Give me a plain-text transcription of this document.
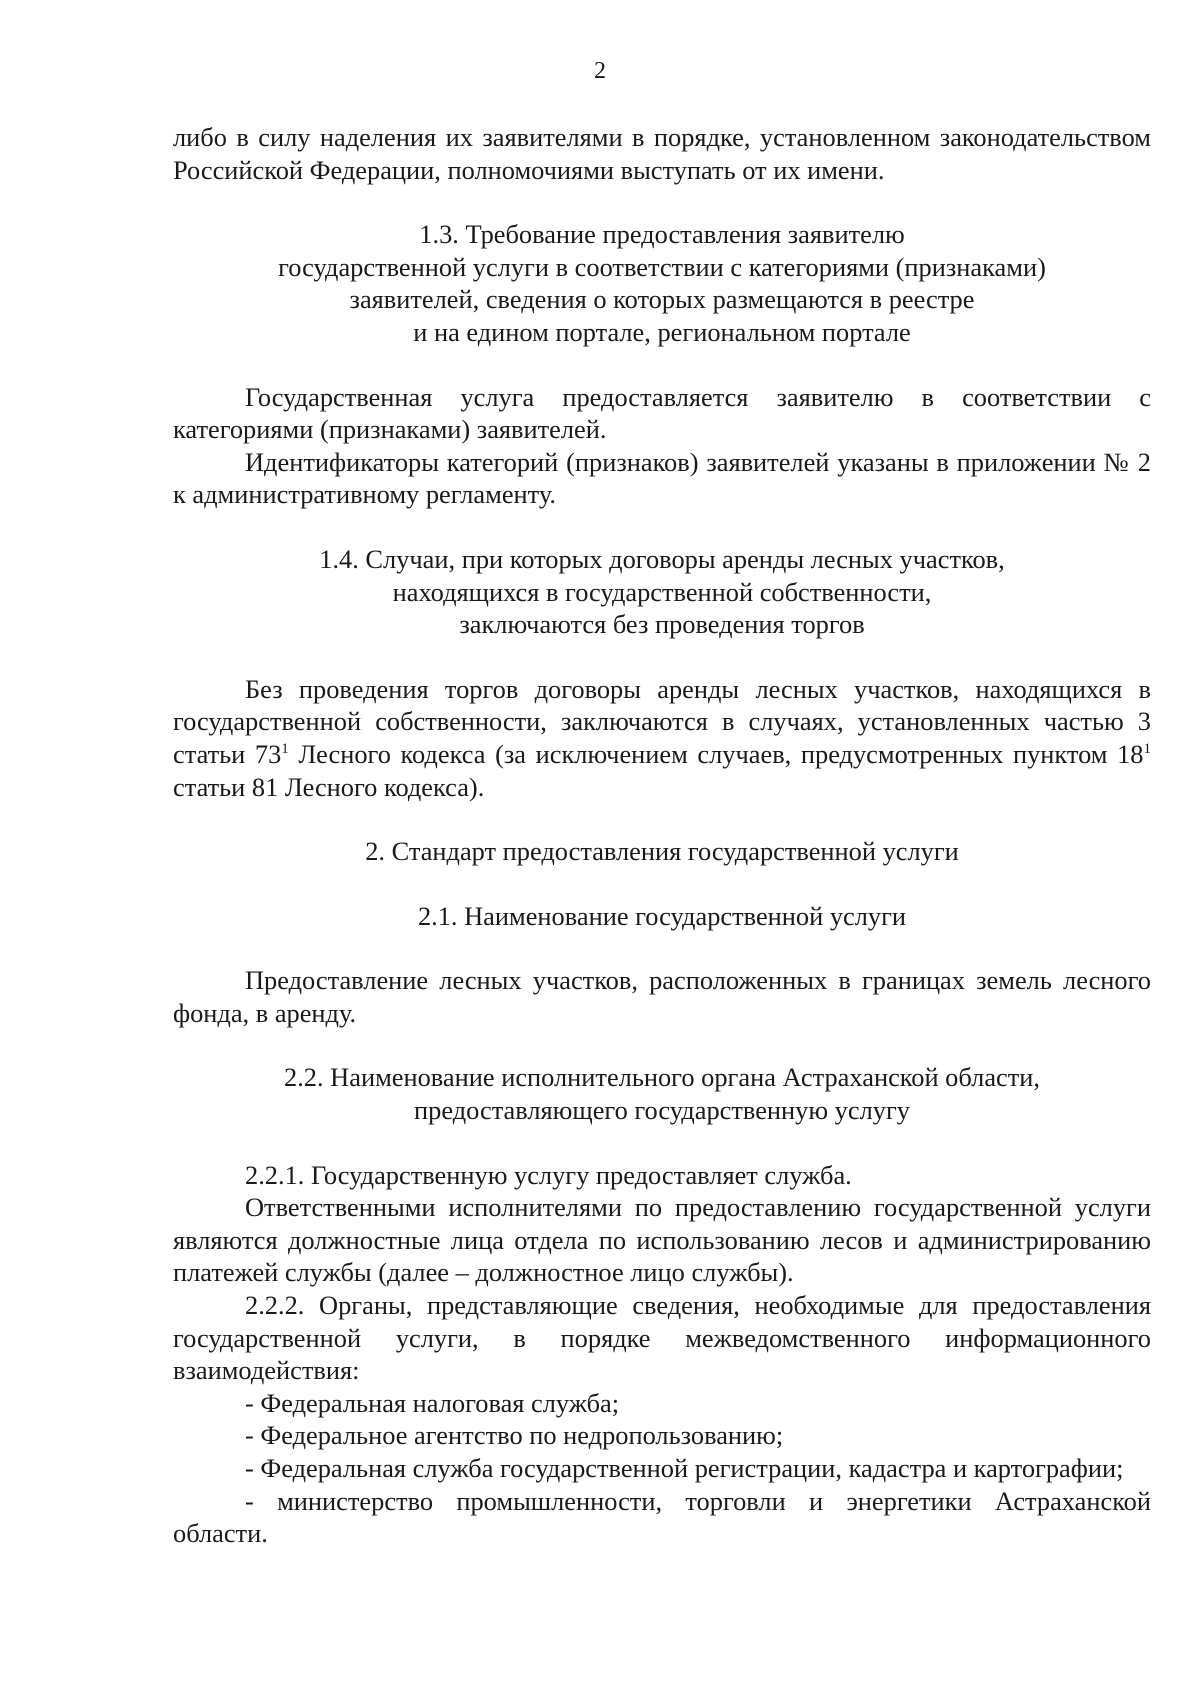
2

либо в силу наделения их заявителями в порядке, установленном законодательством Российской Федерации, полномочиями выступать от их имени.

1.3. Требование предоставления заявителю
государственной услуги в соответствии с категориями (признаками)
заявителей, сведения о которых размещаются в реестре
и на едином портале, региональном портале

Государственная услуга предоставляется заявителю в соответствии с категориями (признаками) заявителей.

Идентификаторы категорий (признаков) заявителей указаны в приложении № 2 к административному регламенту.

1.4. Случаи, при которых договоры аренды лесных участков,
находящихся в государственной собственности,
заключаются без проведения торгов

Без проведения торгов договоры аренды лесных участков, находящихся в государственной собственности, заключаются в случаях, установленных частью 3 статьи $73^1$ Лесного кодекса (за исключением случаев, предусмотренных пунктом $18^1$ статьи 81 Лесного кодекса).

2. Стандарт предоставления государственной услуги
2.1. Наименование государственной услуги

Предоставление лесных участков, расположенных в границах земель лесного фонда, в аренду.

2.2. Наименование исполнительного органа Астраханской области,
предоставляющего государственную услугу

2.2.1. Государственную услугу предоставляет служба.

Ответственными исполнителями по предоставлению государственной услуги являются должностные лица отдела по использованию лесов и администрированию платежей службы (далее – должностное лицо службы).

2.2.2. Органы, представляющие сведения, необходимые для предоставления государственной услуги, в порядке межведомственного информационного взаимодействия:

- Федеральная налоговая служба;

- Федеральное агентство по недропользованию;

- Федеральная служба государственной регистрации, кадастра и картографии;

- министерство промышленности, торговли и энергетики Астраханской области.
